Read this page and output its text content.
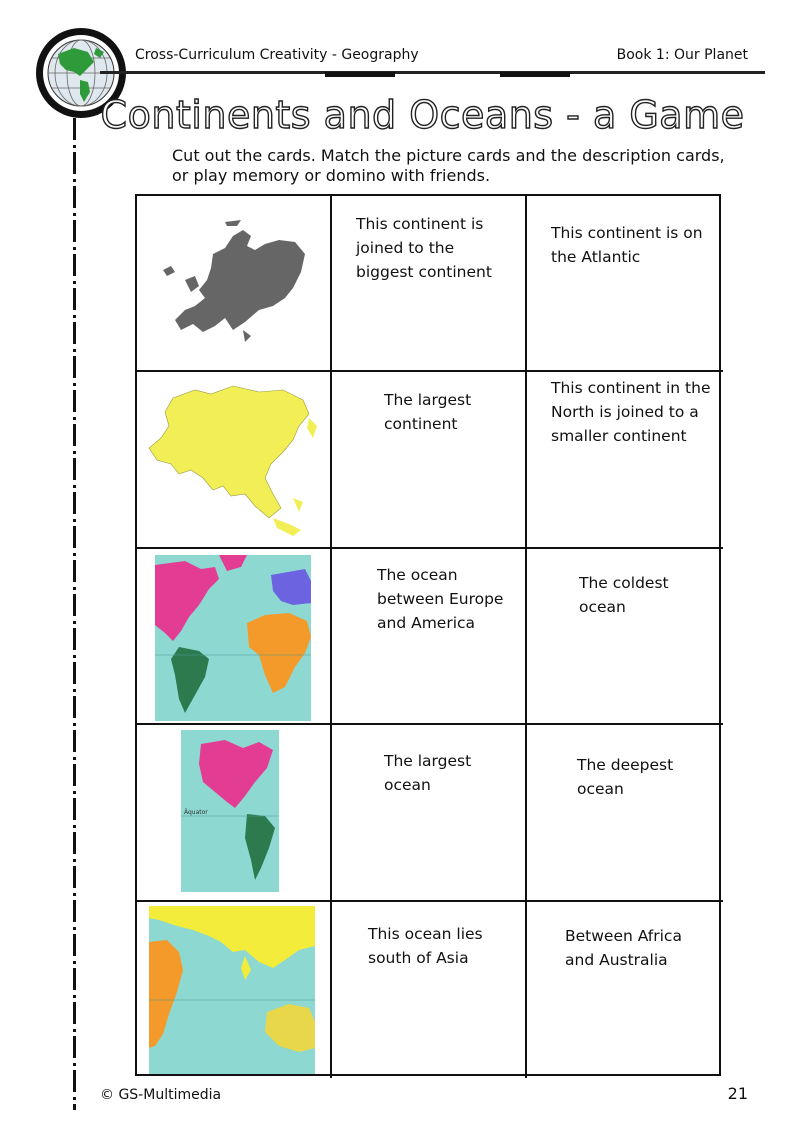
Cross-Curriculum Creativity - Geography	Book 1: Our Planet
Continents and Oceans - a Game
Cut out the cards. Match the picture cards and the description cards, or play memory or domino with friends.
This continent is joined to the biggest continent
This continent is on the Atlantic
The largest continent
This continent in the North is joined to a smaller continent
The ocean between Europe and America
The coldest ocean
Äquator
The largest ocean
The deepest ocean
This ocean lies south of Asia
Between Africa and Australia
© GS-Multimedia	21
